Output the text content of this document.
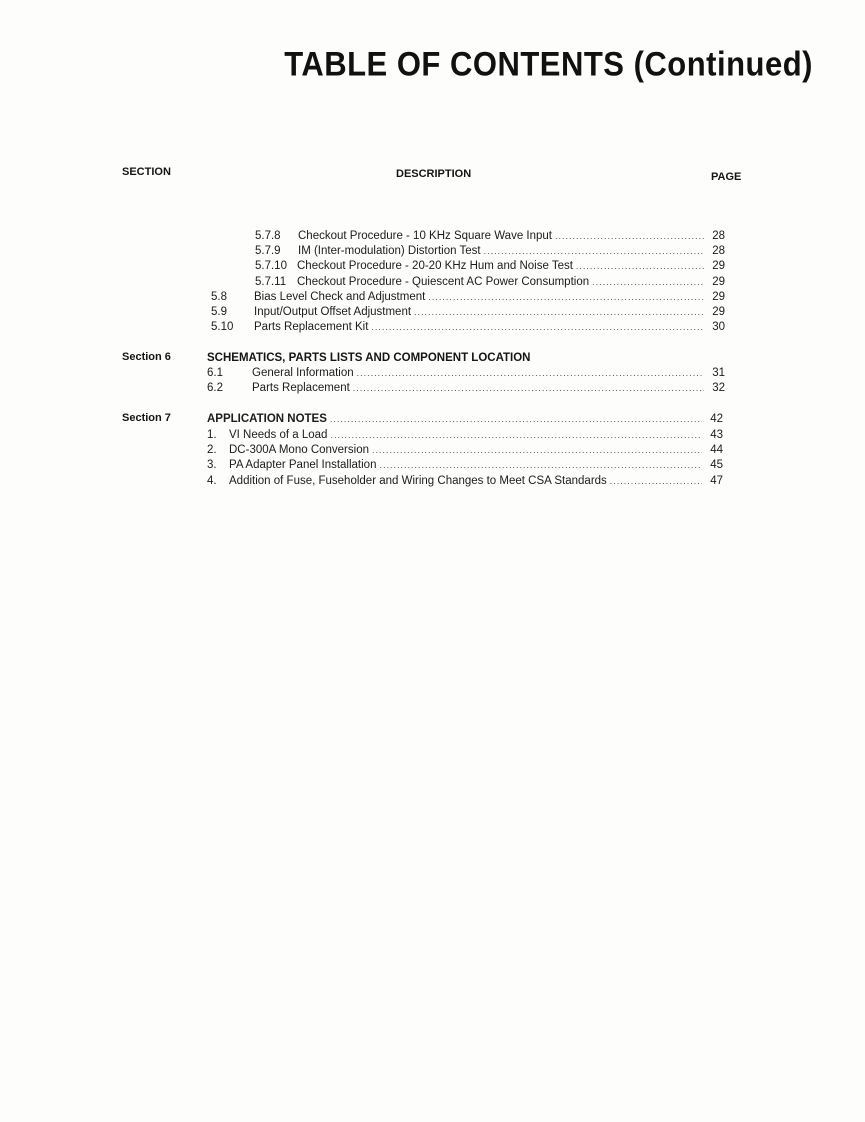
TABLE OF CONTENTS (Continued)
SECTION	DESCRIPTION	PAGE
5.7.8	Checkout Procedure - 10 KHz Square Wave Input .....	28
5.7.9	IM (Inter-modulation) Distortion Test .....	28
5.7.10 Checkout Procedure - 20-20 KHz Hum and Noise Test .....	29
5.7.11 Checkout Procedure - Quiescent AC Power Consumption .....	29
5.8	Bias Level Check and Adjustment .....	29
5.9	Input/Output Offset Adjustment .....	29
5.10	Parts Replacement Kit .....	30
Section 6	SCHEMATICS, PARTS LISTS AND COMPONENT LOCATION
6.1	General Information .....	31
6.2	Parts Replacement .....	32
Section 7	APPLICATION NOTES .....	42
1.	VI Needs of a Load .....	43
2.	DC-300A Mono Conversion .....	44
3.	PA Adapter Panel Installation .....	45
4.	Addition of Fuse, Fuseholder and Wiring Changes to Meet CSA Standards .....	47
